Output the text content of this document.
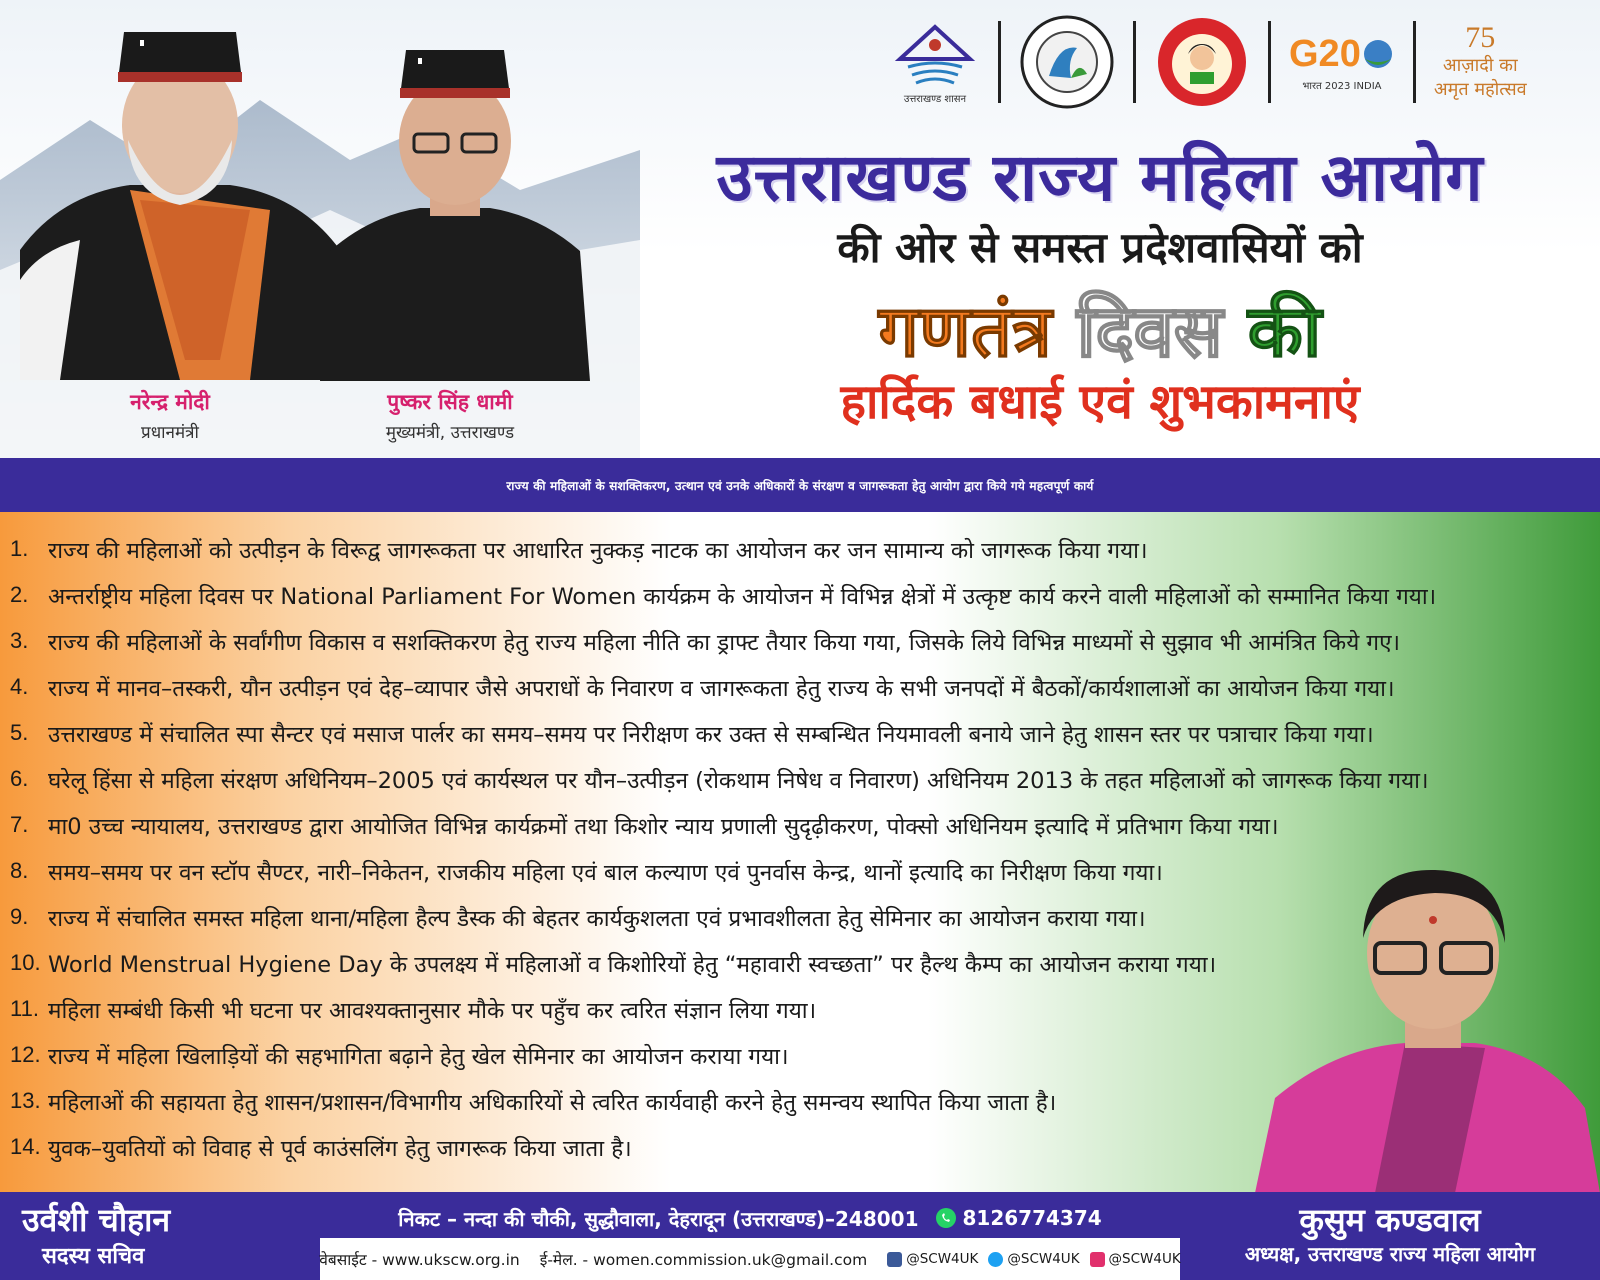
नरेन्द्र मोदी
प्रधानमंत्री
पुष्कर सिंह धामी
मुख्यमंत्री, उत्तराखण्ड
उत्तराखण्ड शासन
G20
भारत 2023 INDIA
75
आज़ादी का
अमृत महोत्सव
उत्तराखण्ड राज्य महिला आयोग
की ओर से समस्त प्रदेशवासियों को
गणतंत्र दिवस की
हार्दिक बधाई एवं शुभकामनाएं
राज्य की महिलाओं के सशक्तिकरण, उत्थान एवं उनके अधिकारों के संरक्षण व जागरूकता हेतु आयोग द्वारा किये गये महत्वपूर्ण कार्य
1. राज्य की महिलाओं को उत्पीड़न के विरूद्व जागरूकता पर आधारित नुक्कड़ नाटक का आयोजन कर जन सामान्य को जागरूक किया गया।
2. अन्तर्राष्ट्रीय महिला दिवस पर National Parliament For Women कार्यक्रम के आयोजन में विभिन्न क्षेत्रों में उत्कृष्ट कार्य करने वाली महिलाओं को सम्मानित किया गया।
3. राज्य की महिलाओं के सर्वांगीण विकास व सशक्तिकरण हेतु राज्य महिला नीति का ड्राफ्ट तैयार किया गया, जिसके लिये विभिन्न माध्यमों से सुझाव भी आमंत्रित किये गए।
4. राज्य में मानव–तस्करी, यौन उत्पीड़न एवं देह–व्यापार जैसे अपराधों के निवारण व जागरूकता हेतु राज्य के सभी जनपदों में बैठकों/कार्यशालाओं का आयोजन किया गया।
5. उत्तराखण्ड में संचालित स्पा सैन्टर एवं मसाज पार्लर का समय–समय पर निरीक्षण कर उक्त से सम्बन्धित नियमावली बनाये जाने हेतु शासन स्तर पर पत्राचार किया गया।
6. घरेलू हिंसा से महिला संरक्षण अधिनियम–2005 एवं कार्यस्थल पर यौन–उत्पीड़न (रोकथाम निषेध व निवारण) अधिनियम 2013 के तहत महिलाओं को जागरूक किया गया।
7. मा0 उच्च न्यायालय, उत्तराखण्ड द्वारा आयोजित विभिन्न कार्यक्रमों तथा किशोर न्याय प्रणाली सुदृढ़ीकरण, पोक्सो अधिनियम इत्यादि में प्रतिभाग किया गया।
8. समय–समय पर वन स्टॉप सैण्टर, नारी–निकेतन, राजकीय महिला एवं बाल कल्याण एवं पुनर्वास केन्द्र, थानों इत्यादि का निरीक्षण किया गया।
9. राज्य में संचालित समस्त महिला थाना/महिला हैल्प डैस्क की बेहतर कार्यकुशलता एवं प्रभावशीलता हेतु सेमिनार का आयोजन कराया गया।
10. World Menstrual Hygiene Day के उपलक्ष्य में महिलाओं व किशोरियों हेतु “महावारी स्वच्छता” पर हैल्थ कैम्प का आयोजन कराया गया।
11. महिला सम्बंधी किसी भी घटना पर आवश्यक्तानुसार मौके पर पहुँच कर त्वरित संज्ञान लिया गया।
12. राज्य में महिला खिलाड़ियों की सहभागिता बढ़ाने हेतु खेल सेमिनार का आयोजन कराया गया।
13. महिलाओं की सहायता हेतु शासन/प्रशासन/विभागीय अधिकारियों से त्वरित कार्यवाही करने हेतु समन्वय स्थापित किया जाता है।
14. युवक–युवतियों को विवाह से पूर्व काउंसलिंग हेतु जागरूक किया जाता है।
उर्वशी चौहान
सदस्य सचिव
निकट – नन्दा की चौकी, सुद्धौवाला, देहरादून (उत्तराखण्ड)–248001 8126774374
वेबसाईट - www.ukscw.org.in ई-मेल. - women.commission.uk@gmail.com	@SCW4UK @SCW4UK @SCW4UK
कुसुम कण्डवाल
अध्यक्ष, उत्तराखण्ड राज्य महिला आयोग
